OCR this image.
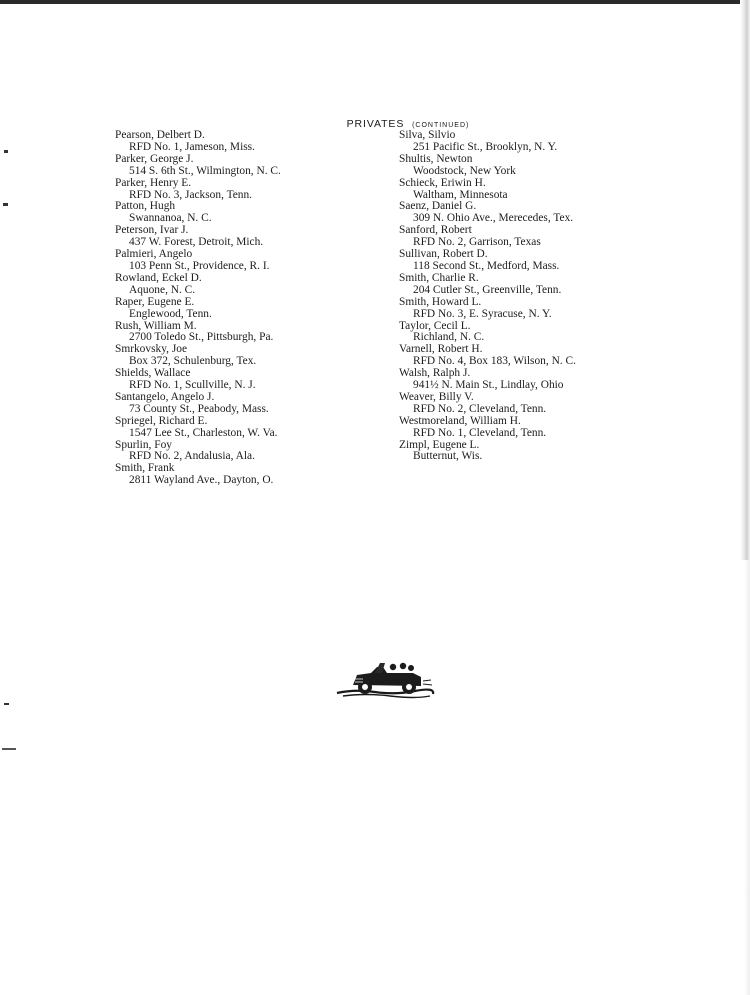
PRIVATES (CONTINUED)
Pearson, Delbert D.
RFD No. 1, Jameson, Miss.
Parker, George J.
514 S. 6th St., Wilmington, N. C.
Parker, Henry E.
RFD No. 3, Jackson, Tenn.
Patton, Hugh
Swannanoa, N. C.
Peterson, Ivar J.
437 W. Forest, Detroit, Mich.
Palmieri, Angelo
103 Penn St., Providence, R. I.
Rowland, Eckel D.
Aquone, N. C.
Raper, Eugene E.
Englewood, Tenn.
Rush, William M.
2700 Toledo St., Pittsburgh, Pa.
Smrkovsky, Joe
Box 372, Schulenburg, Tex.
Shields, Wallace
RFD No. 1, Scullville, N. J.
Santangelo, Angelo J.
73 County St., Peabody, Mass.
Spriegel, Richard E.
1547 Lee St., Charleston, W. Va.
Spurlin, Foy
RFD No. 2, Andalusia, Ala.
Smith, Frank
2811 Wayland Ave., Dayton, O.
Silva, Silvio
251 Pacific St., Brooklyn, N. Y.
Shultis, Newton
Woodstock, New York
Schieck, Eriwin H.
Waltham, Minnesota
Saenz, Daniel G.
309 N. Ohio Ave., Merecedes, Tex.
Sanford, Robert
RFD No. 2, Garrison, Texas
Sullivan, Robert D.
118 Second St., Medford, Mass.
Smith, Charlie R.
204 Cutler St., Greenville, Tenn.
Smith, Howard L.
RFD No. 3, E. Syracuse, N. Y.
Taylor, Cecil L.
Richland, N. C.
Varnell, Robert H.
RFD No. 4, Box 183, Wilson, N. C.
Walsh, Ralph J.
941½ N. Main St., Lindlay, Ohio
Weaver, Billy V.
RFD No. 2, Cleveland, Tenn.
Westmoreland, William H.
RFD No. 1, Cleveland, Tenn.
Zimpl, Eugene L.
Butternut, Wis.
